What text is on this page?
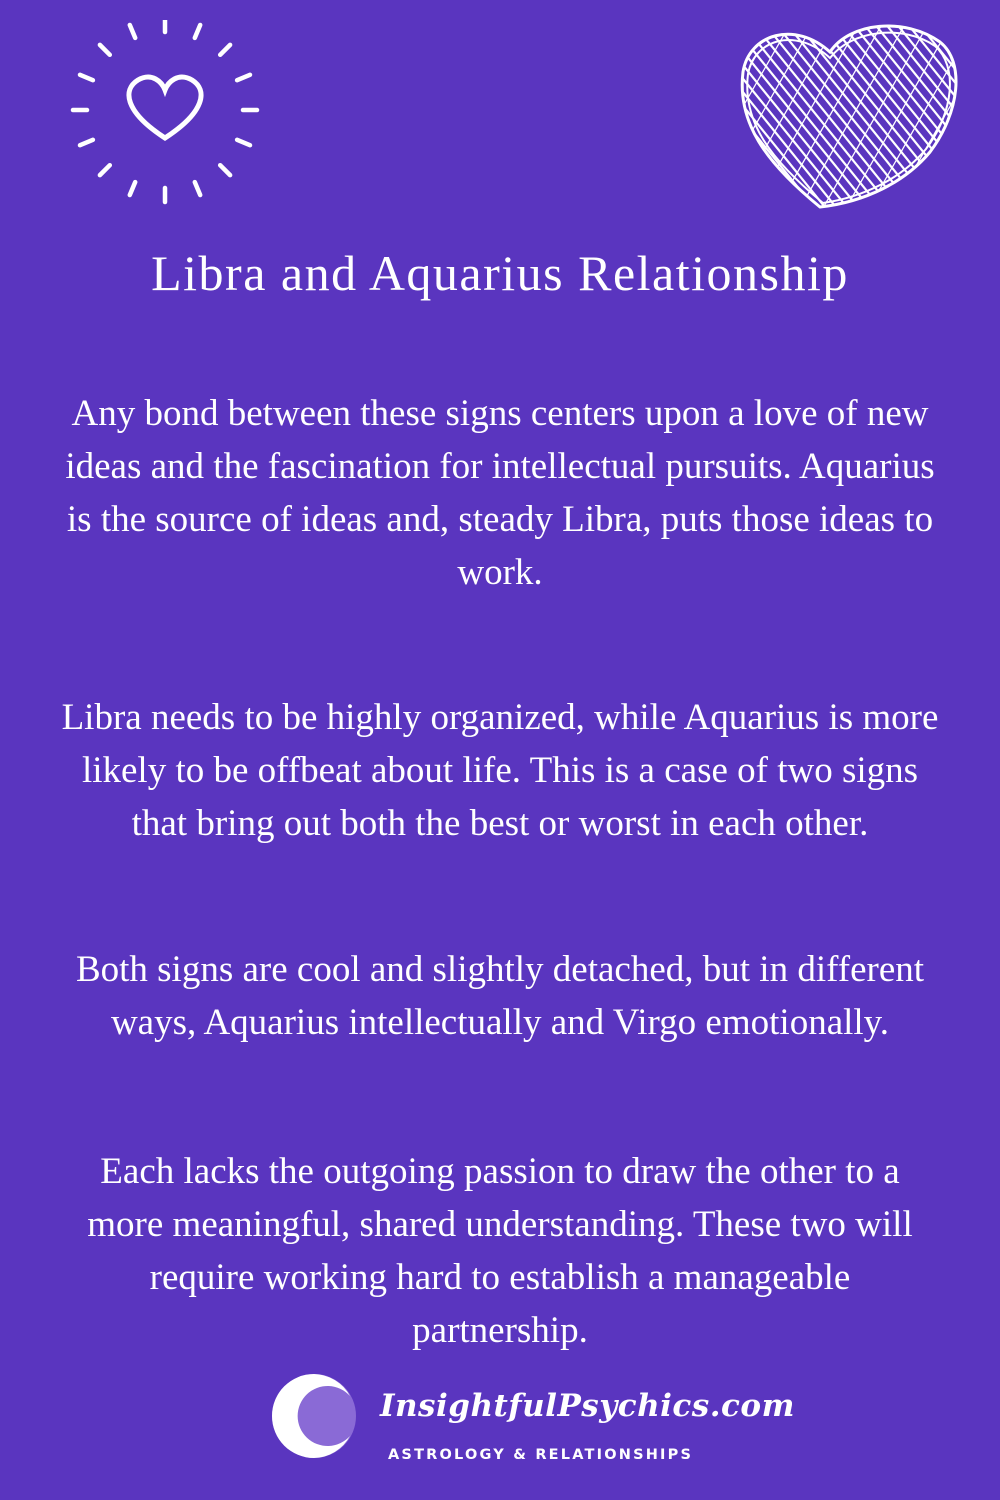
Libra and Aquarius Relationship

Any bond between these signs centers upon a love of new ideas and the fascination for intellectual pursuits. Aquarius is the source of ideas and, steady Libra, puts those ideas to work.

Libra needs to be highly organized, while Aquarius is more likely to be offbeat about life. This is a case of two signs that bring out both the best or worst in each other.

Both signs are cool and slightly detached, but in different ways, Aquarius intellectually and Virgo emotionally.

Each lacks the outgoing passion to draw the other to a more meaningful, shared understanding. These two will require working hard to establish a manageable partnership.

InsightfulPsychics.com
ASTROLOGY & RELATIONSHIPS
